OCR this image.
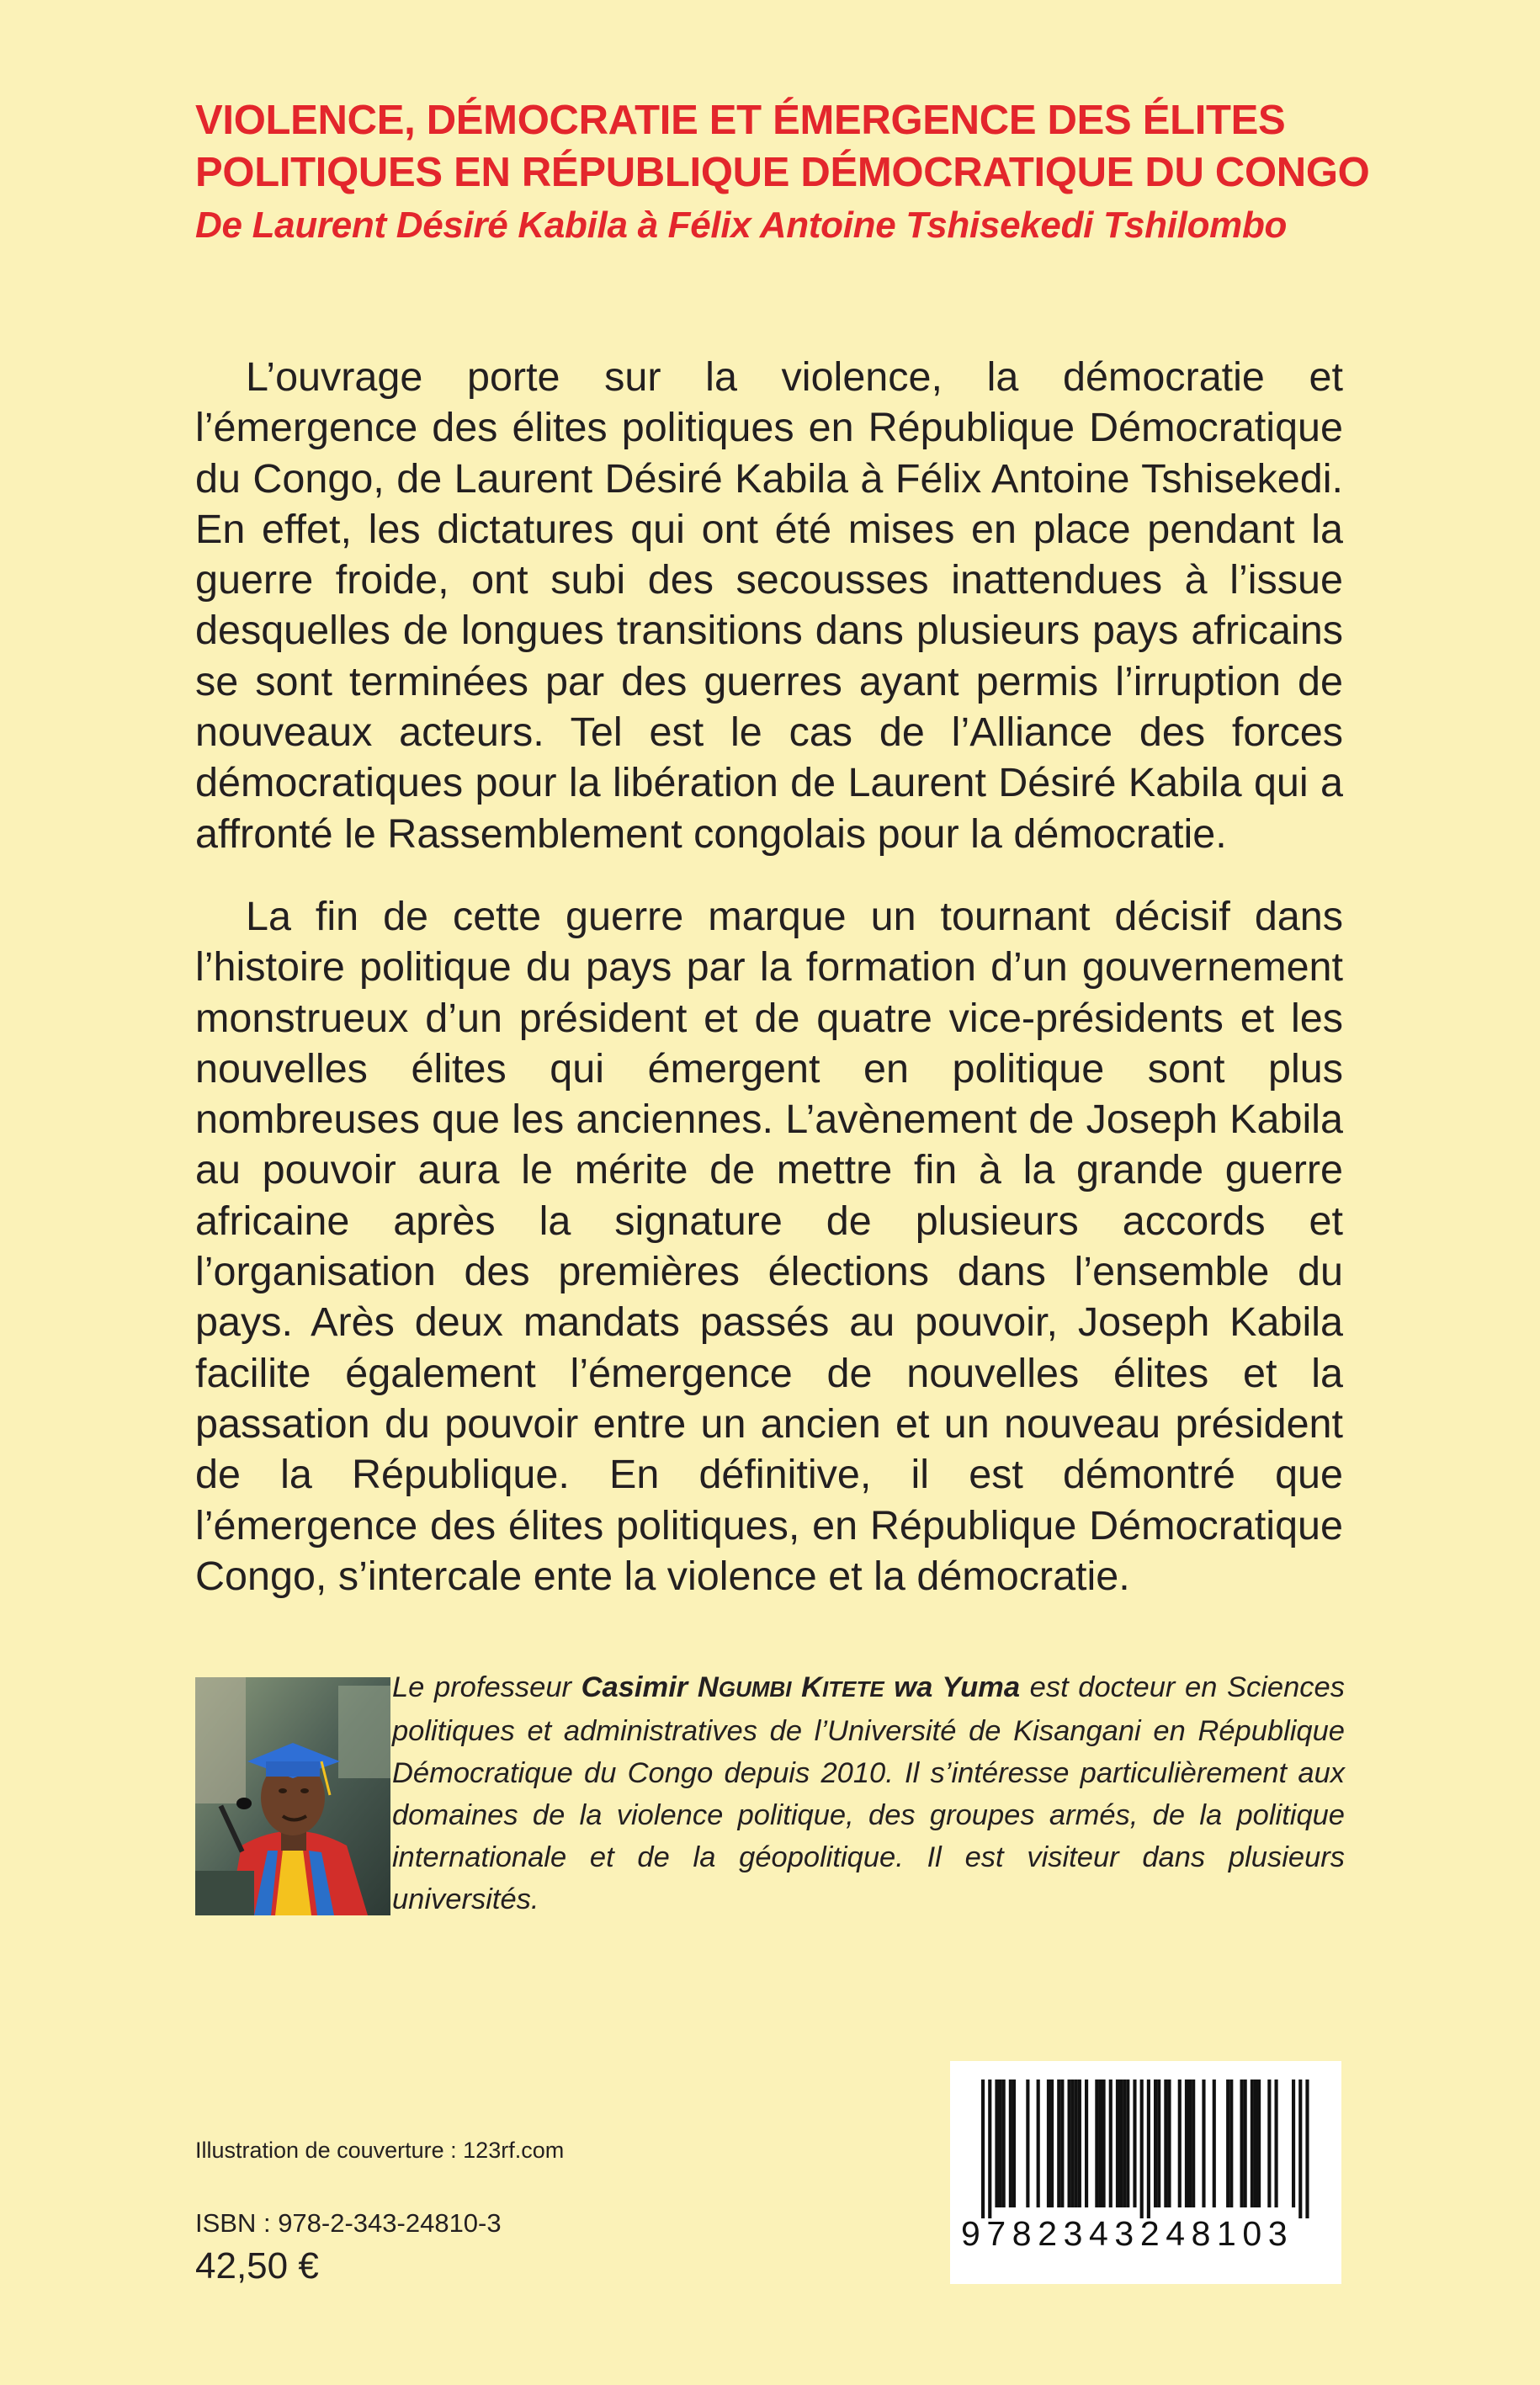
VIOLENCE, DÉMOCRATIE ET ÉMERGENCE DES ÉLITES
POLITIQUES EN RÉPUBLIQUE DÉMOCRATIQUE DU CONGO
De Laurent Désiré Kabila à Félix Antoine Tshisekedi Tshilombo

L’ouvrage porte sur la violence, la démocratie et l’émergence des élites politiques en République Démocratique du Congo, de Laurent Désiré Kabila à Félix Antoine Tshisekedi. En effet, les dictatures qui ont été mises en place pendant la guerre froide, ont subi des secousses inattendues à l’issue desquelles de longues transitions dans plusieurs pays africains se sont terminées par des guerres ayant permis l’irruption de nouveaux acteurs. Tel est le cas de l’Alliance des forces démocratiques pour la libération de Laurent Désiré Kabila qui a affronté le Rassemblement congolais pour la démocratie.

La fin de cette guerre marque un tournant décisif dans l’histoire politique du pays par la formation d’un gouvernement monstrueux d’un président et de quatre vice-présidents et les nouvelles élites qui émergent en politique sont plus nombreuses que les anciennes. L’avènement de Joseph Kabila au pouvoir aura le mérite de mettre fin à la grande guerre africaine après la signature de plusieurs accords et l’organisation des premières élections dans l’ensemble du pays. Arès deux mandats passés au pouvoir, Joseph Kabila facilite également l’émergence de nouvelles élites et la passation du pouvoir entre un ancien et un nouveau président de la République. En définitive, il est démontré que l’émergence des élites politiques, en République Démocratique Congo, s’intercale ente la violence et la démocratie.

Le professeur Casimir NGUMBI KITETE wa Yuma est docteur en Sciences politiques et administratives de l’Université de Kisangani en République Démocratique du Congo depuis 2010. Il s’intéresse particulièrement aux domaines de la violence politique, des groupes armés, de la politique internationale et de la géopolitique. Il est visiteur dans plusieurs universités.
Illustration de couverture : 123rf.com
ISBN : 978-2-343-24810-3
42,50 €
9782343248103
